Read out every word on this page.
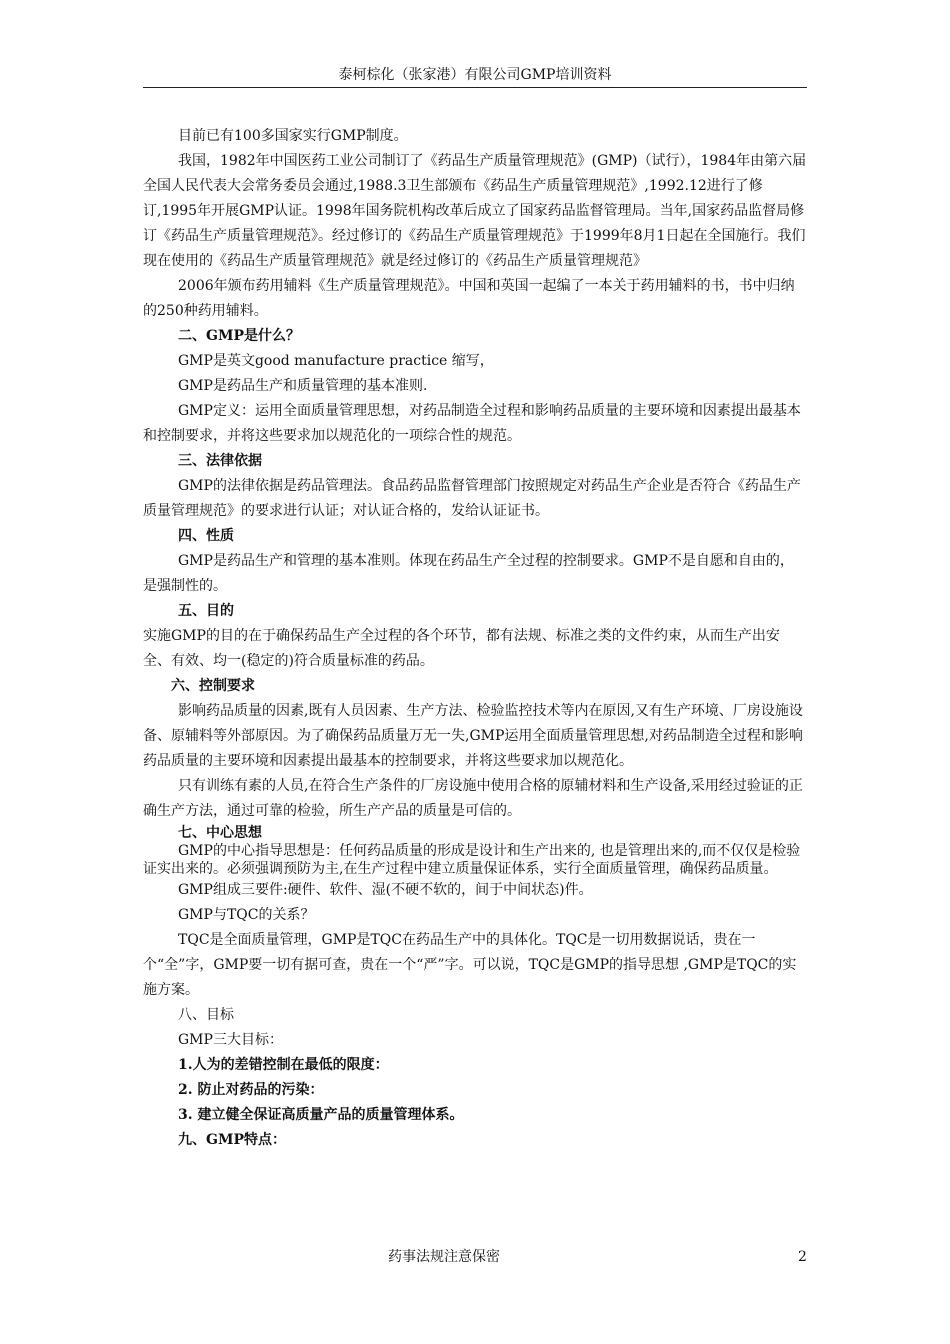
泰柯棕化（张家港）有限公司GMP培训资料

目前已有100多国家实行GMP制度。

我国，1982年中国医药工业公司制订了《药品生产质量管理规范》(GMP)（试行），1984年由第六届全国人民代表大会常务委员会通过,1988.3卫生部颁布《药品生产质量管理规范》,1992.12进行了修订,1995年开展GMP认证。1998年国务院机构改革后成立了国家药品监督管理局。当年,国家药品监督局修订《药品生产质量管理规范》。经过修订的《药品生产质量管理规范》于1999年8月1日起在全国施行。我们现在使用的《药品生产质量管理规范》就是经过修订的《药品生产质量管理规范》

2006年颁布药用辅料《生产质量管理规范》。中国和英国一起编了一本关于药用辅料的书，书中归纳的250种药用辅料。

二、GMP是什么？

GMP是英文good manufacture practice 缩写，

GMP是药品生产和质量管理的基本准则.

GMP定义：运用全面质量管理思想，对药品制造全过程和影响药品质量的主要环境和因素提出最基本和控制要求，并将这些要求加以规范化的一项综合性的规范。

三、法律依据

GMP的法律依据是药品管理法。食品药品监督管理部门按照规定对药品生产企业是否符合《药品生产质量管理规范》的要求进行认证；对认证合格的，发给认证证书。

四、性质

GMP是药品生产和管理的基本准则。体现在药品生产全过程的控制要求。GMP不是自愿和自由的，是强制性的。

五、目的

实施GMP的目的在于确保药品生产全过程的各个环节，都有法规、标准之类的文件约束，从而生产出安全、有效、均一(稳定的)符合质量标准的药品。

六、控制要求

影响药品质量的因素,既有人员因素、生产方法、检验监控技术等内在原因,又有生产环境、厂房设施设备、原辅料等外部原因。为了确保药品质量万无一失,GMP运用全面质量管理思想,对药品制造全过程和影响药品质量的主要环境和因素提出最基本的控制要求，并将这些要求加以规范化。

只有训练有素的人员,在符合生产条件的厂房设施中使用合格的原辅材料和生产设备,采用经过验证的正确生产方法，通过可靠的检验，所生产产品的质量是可信的。

七、中心思想

GMP的中心指导思想是：任何药品质量的形成是设计和生产出来的, 也是管理出来的,而不仅仅是检验证实出来的。必须强调预防为主,在生产过程中建立质量保证体系，实行全面质量管理，确保药品质量。

GMP组成三要件:硬件、软件、湿(不硬不软的，间于中间状态)件。

GMP与TQC的关系？

TQC是全面质量管理，GMP是TQC在药品生产中的具体化。TQC是一切用数据说话，贵在一个“全”字，GMP要一切有据可查，贵在一个“严”字。可以说，TQC是GMP的指导思想 ,GMP是TQC的实施方案。

八、目标

GMP三大目标：

1.人为的差错控制在最低的限度：

2. 防止对药品的污染：

3. 建立健全保证高质量产品的质量管理体系。

九、GMP特点：

药事法规注意保密	2
